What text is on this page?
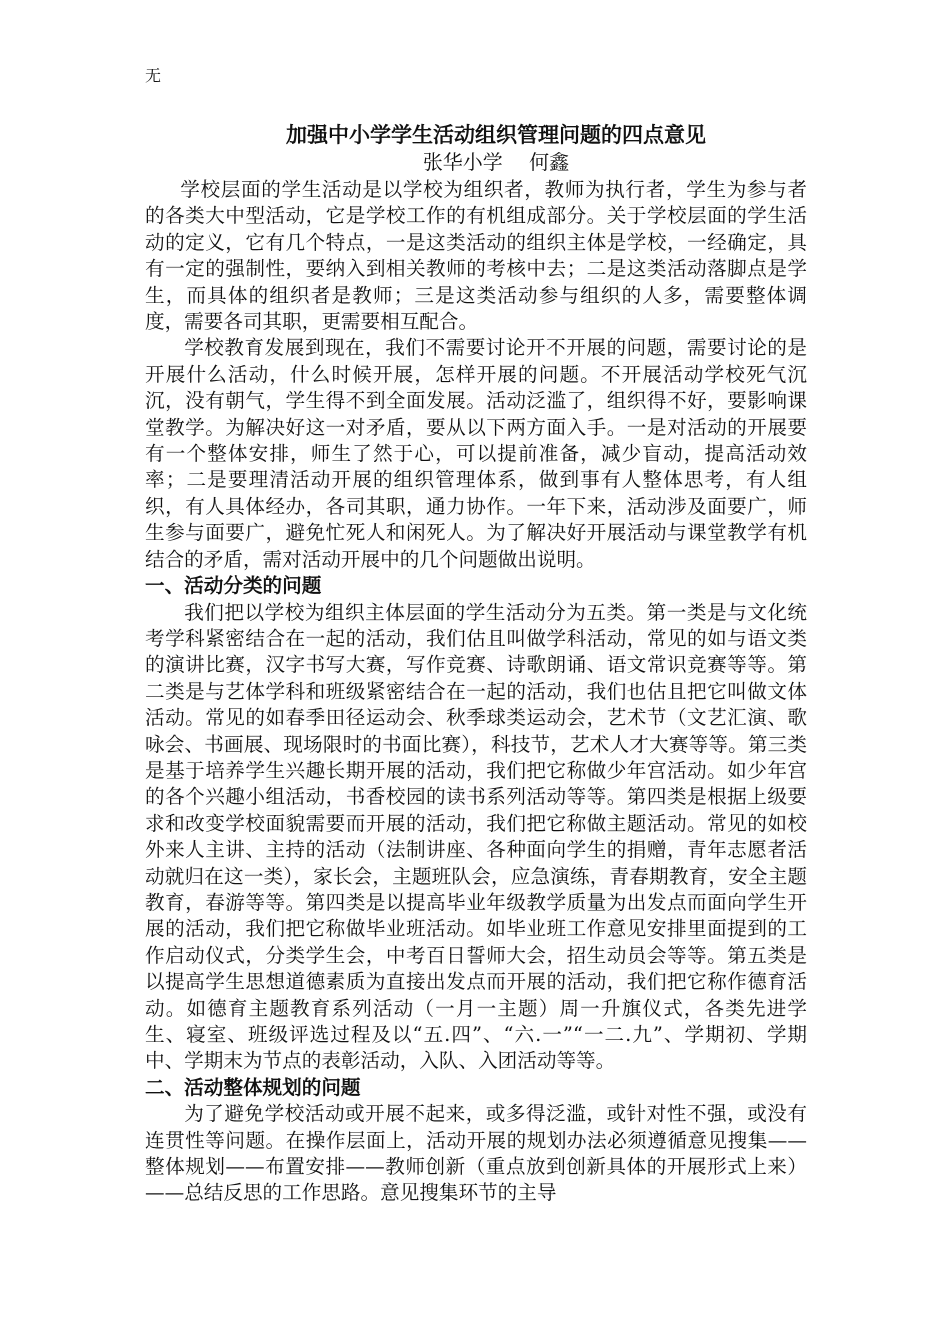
无
加强中小学学生活动组织管理问题的四点意见
张华小学　 何鑫

学校层面的学生活动是以学校为组织者，教师为执行者，学生为参与者的各类大中型活动，它是学校工作的有机组成部分。关于学校层面的学生活动的定义，它有几个特点，一是这类活动的组织主体是学校，一经确定，具有一定的强制性，要纳入到相关教师的考核中去；二是这类活动落脚点是学生，而具体的组织者是教师；三是这类活动参与组织的人多，需要整体调度，需要各司其职，更需要相互配合。

学校教育发展到现在，我们不需要讨论开不开展的问题，需要讨论的是开展什么活动，什么时候开展，怎样开展的问题。不开展活动学校死气沉沉，没有朝气，学生得不到全面发展。活动泛滥了，组织得不好，要影响课堂教学。为解决好这一对矛盾，要从以下两方面入手。一是对活动的开展要有一个整体安排，师生了然于心，可以提前准备，减少盲动，提高活动效率；二是要理清活动开展的组织管理体系，做到事有人整体思考，有人组织，有人具体经办，各司其职，通力协作。一年下来，活动涉及面要广，师生参与面要广，避免忙死人和闲死人。为了解决好开展活动与课堂教学有机结合的矛盾，需对活动开展中的几个问题做出说明。

一、活动分类的问题

我们把以学校为组织主体层面的学生活动分为五类。第一类是与文化统考学科紧密结合在一起的活动，我们估且叫做学科活动，常见的如与语文类的演讲比赛，汉字书写大赛，写作竞赛、诗歌朗诵、语文常识竞赛等等。第二类是与艺体学科和班级紧密结合在一起的活动，我们也估且把它叫做文体活动。常见的如春季田径运动会、秋季球类运动会，艺术节（文艺汇演、歌咏会、书画展、现场限时的书面比赛），科技节，艺术人才大赛等等。第三类是基于培养学生兴趣长期开展的活动，我们把它称做少年宫活动。如少年宫的各个兴趣小组活动，书香校园的读书系列活动等等。第四类是根据上级要求和改变学校面貌需要而开展的活动，我们把它称做主题活动。常见的如校外来人主讲、主持的活动（法制讲座、各种面向学生的捐赠，青年志愿者活动就归在这一类），家长会，主题班队会，应急演练，青春期教育，安全主题教育，春游等等。第四类是以提高毕业年级教学质量为出发点而面向学生开展的活动，我们把它称做毕业班活动。如毕业班工作意见安排里面提到的工作启动仪式，分类学生会，中考百日誓师大会，招生动员会等等。第五类是以提高学生思想道德素质为直接出发点而开展的活动，我们把它称作德育活动。如德育主题教育系列活动（一月一主题）周一升旗仪式，各类先进学生、寝室、班级评选过程及以“五.四”、“六.一”“一二.九”、学期初、学期中、学期末为节点的表彰活动，入队、入团活动等等。

二、活动整体规划的问题

为了避免学校活动或开展不起来，或多得泛滥，或针对性不强，或没有连贯性等问题。在操作层面上，活动开展的规划办法必须遵循意见搜集——整体规划——布置安排——教师创新（重点放到创新具体的开展形式上来）——总结反思的工作思路。意见搜集环节的主导
